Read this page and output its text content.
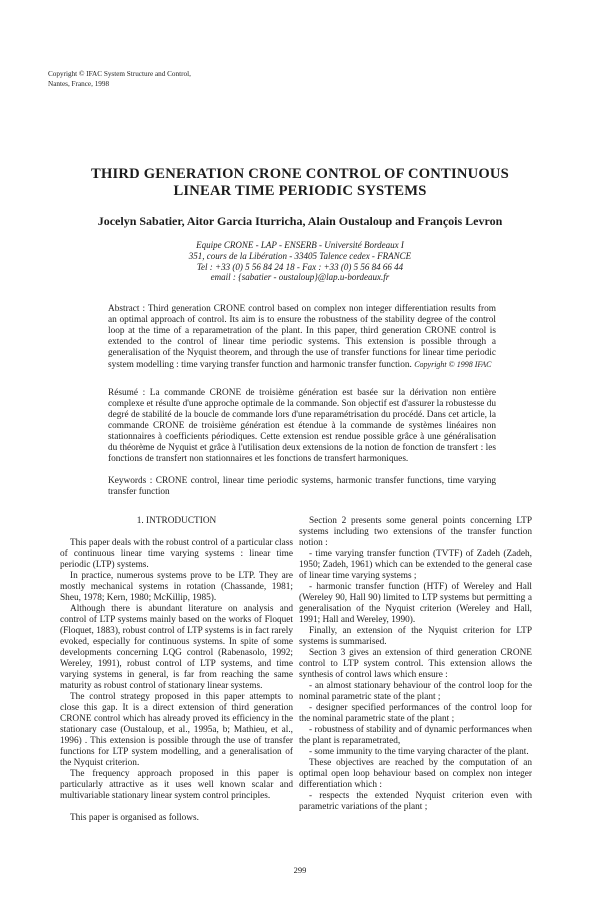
Copyright © IFAC System Structure and Control,
Nantes, France, 1998
THIRD GENERATION CRONE CONTROL OF CONTINUOUS
LINEAR TIME PERIODIC SYSTEMS
Jocelyn Sabatier, Aitor Garcia Iturricha, Alain Oustaloup and François Levron
Equipe CRONE - LAP - ENSERB - Université Bordeaux I
351, cours de la Libération - 33405 Talence cedex - FRANCE
Tel : +33 (0) 5 56 84 24 18 - Fax : +33 (0) 5 56 84 66 44
email : {sabatier - oustaloup}@lap.u-bordeaux.fr
Abstract : Third generation CRONE control based on complex non integer differentiation results from an optimal approach of control. Its aim is to ensure the robustness of the stability degree of the control loop at the time of a reparametration of the plant. In this paper, third generation CRONE control is extended to the control of linear time periodic systems. This extension is possible through a generalisation of the Nyquist theorem, and through the use of transfer functions for linear time periodic system modelling : time varying transfer function and harmonic transfer function. Copyright © 1998 IFAC
Résumé : La commande CRONE de troisième génération est basée sur la dérivation non entière complexe et résulte d'une approche optimale de la commande. Son objectif est d'assurer la robustesse du degré de stabilité de la boucle de commande lors d'une reparamétrisation du procédé. Dans cet article, la commande CRONE de troisième génération est étendue à la commande de systèmes linéaires non stationnaires à coefficients périodiques. Cette extension est rendue possible grâce à une généralisation du théorème de Nyquist et grâce à l'utilisation deux extensions de la notion de fonction de transfert : les fonctions de transfert non stationnaires et les fonctions de transfert harmoniques.
Keywords : CRONE control, linear time periodic systems, harmonic transfer functions, time varying transfer function
1. INTRODUCTION

This paper deals with the robust control of a particular class of continuous linear time varying systems : linear time periodic (LTP) systems.

In practice, numerous systems prove to be LTP. They are mostly mechanical systems in rotation (Chassande, 1981; Sheu, 1978; Kern, 1980; McKillip, 1985).

Although there is abundant literature on analysis and control of LTP systems mainly based on the works of Floquet (Floquet, 1883), robust control of LTP systems is in fact rarely evoked, especially for continuous systems. In spite of some developments concerning LQG control (Rabenasolo, 1992; Wereley, 1991), robust control of LTP systems, and time varying systems in general, is far from reaching the same maturity as robust control of stationary linear systems.

The control strategy proposed in this paper attempts to close this gap. It is a direct extension of third generation CRONE control which has already proved its efficiency in the stationary case (Oustaloup, et al., 1995a, b; Mathieu, et al., 1996) . This extension is possible through the use of transfer functions for LTP system modelling, and a generalisation of the Nyquist criterion.

The frequency approach proposed in this paper is particularly attractive as it uses well known scalar and multivariable stationary linear system control principles.

This paper is organised as follows.

Section 2 presents some general points concerning LTP systems including two extensions of the transfer function notion :

- time varying transfer function (TVTF) of Zadeh (Zadeh, 1950; Zadeh, 1961) which can be extended to the general case of linear time varying systems ;

- harmonic transfer function (HTF) of Wereley and Hall (Wereley 90, Hall 90) limited to LTP systems but permitting a generalisation of the Nyquist criterion (Wereley and Hall, 1991; Hall and Wereley, 1990).

Finally, an extension of the Nyquist criterion for LTP systems is summarised.

Section 3 gives an extension of third generation CRONE control to LTP system control. This extension allows the synthesis of control laws which ensure :

- an almost stationary behaviour of the control loop for the nominal parametric state of the plant ;

- designer specified performances of the control loop for the nominal parametric state of the plant ;

- robustness of stability and of dynamic performances when the plant is reparametrated,

- some immunity to the time varying character of the plant.

These objectives are reached by the computation of an optimal open loop behaviour based on complex non integer differentiation which :

- respects the extended Nyquist criterion even with parametric variations of the plant ;

299
